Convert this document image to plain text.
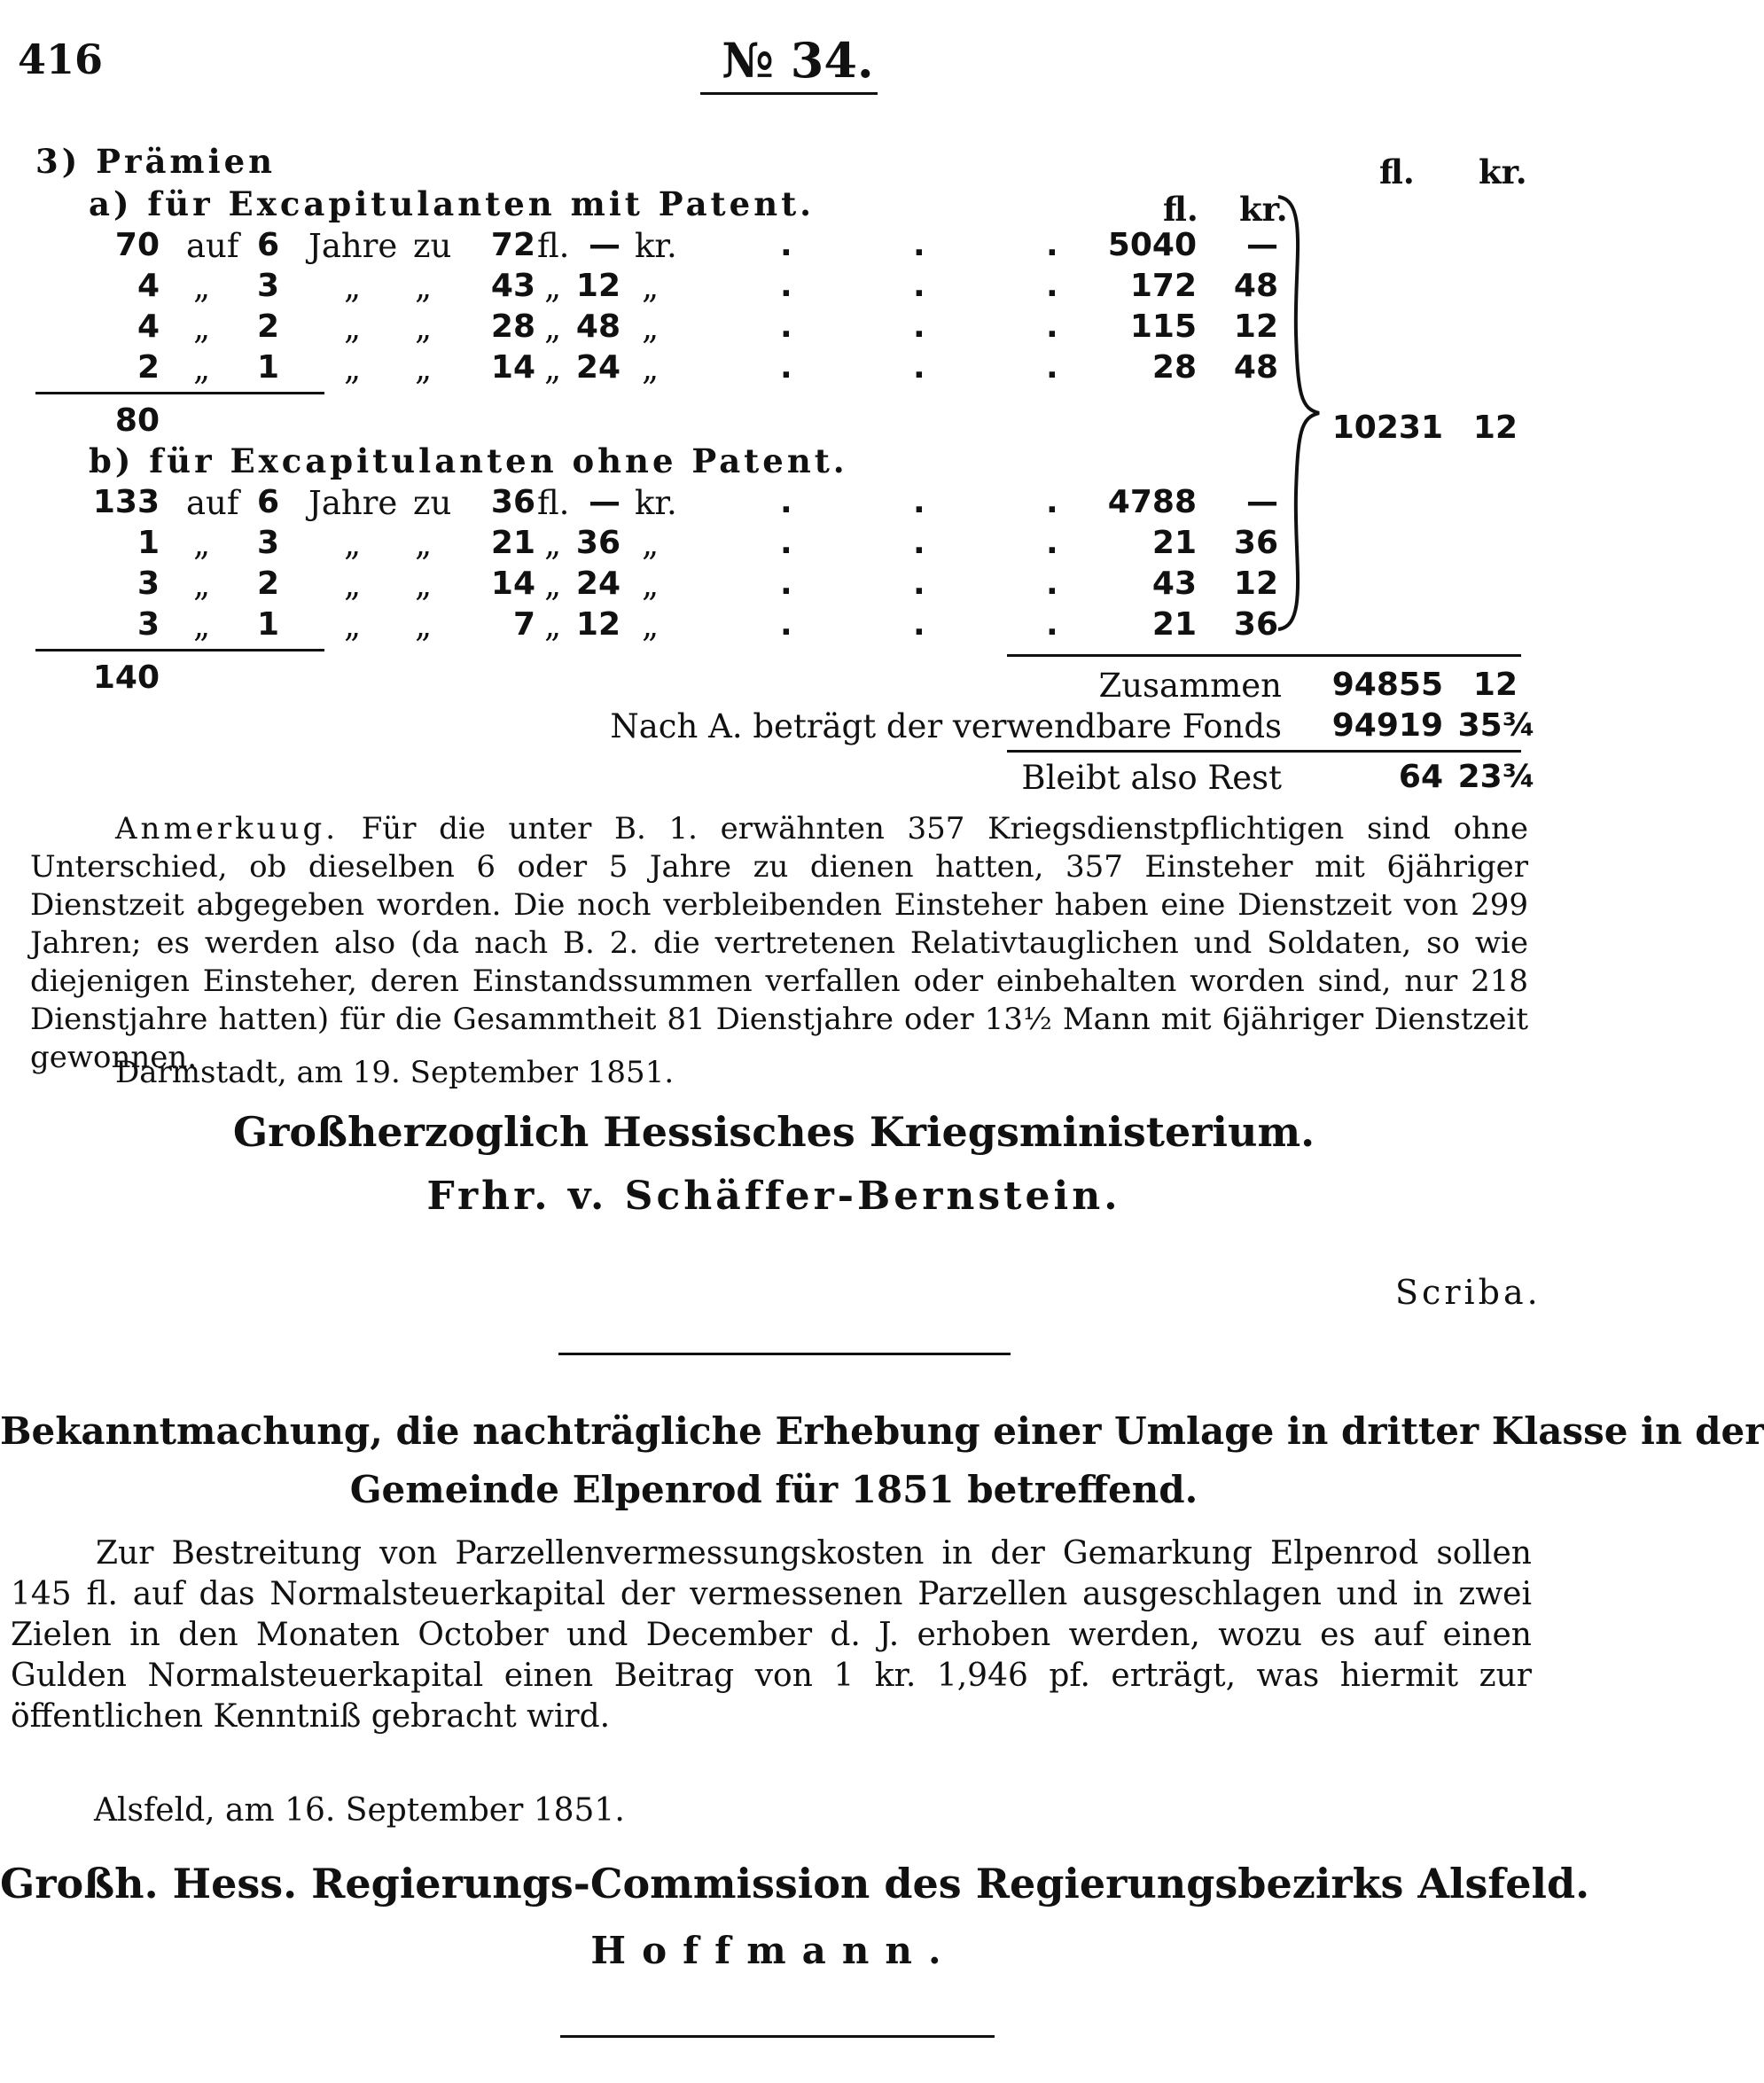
416	№ 34.
3) Prämien	fl. kr.
a) für Excapitulanten mit Patent.	fl. kr.
70 auf 6 Jahre zu	72 fl. — kr.	.	.	.	5040	—
4 „ 3 „ „	43 „ 12 „	.	.	.	172	48
4 „ 2 „ „	28 „ 48 „	.	.	.	115	12
2 „ 1 „ „	14 „ 24 „	.	.	.	28	48
80	10231 12
b) für Excapitulanten ohne Patent.
133 auf 6 Jahre zu	36 fl. — kr.	.	.	.	4788	—
1 „ 3 „ „	21 „ 36 „	.	.	.	21	36
3 „ 2 „ „	14 „ 24 „	.	.	.	43	12
3 „ 1 „ „	7 „ 12 „	.	.	.	21	36
140	Zusammen	94855 12
Nach A. beträgt der verwendbare Fonds	94919 35¾
Bleibt also Rest	64 23¾

Anmerkuug. Für die unter B. 1. erwähnten 357 Kriegsdienstpflichtigen sind ohne Unterschied, ob dieselben 6 oder 5 Jahre zu dienen hatten, 357 Einsteher mit 6jähriger Dienstzeit abgegeben worden. Die noch verbleibenden Einsteher haben eine Dienstzeit von 299 Jahren; es werden also (da nach B. 2. die vertretenen Relativtauglichen und Soldaten, so wie diejenigen Einsteher, deren Einstandssummen verfallen oder einbehalten worden sind, nur 218 Dienstjahre hatten) für die Gesammtheit 81 Dienstjahre oder 13½ Mann mit 6jähriger Dienstzeit gewonnen.

Darmstadt, am 19. September 1851.
Großherzoglich Hessisches Kriegsministerium.
Frhr. v. Schäffer-Bernstein.
Scriba.
Bekanntmachung, die nachträgliche Erhebung einer Umlage in dritter Klasse in der
Gemeinde Elpenrod für 1851 betreffend.

Zur Bestreitung von Parzellenvermessungskosten in der Gemarkung Elpenrod sollen 145 fl. auf das Normalsteuerkapital der vermessenen Parzellen ausgeschlagen und in zwei Zielen in den Monaten October und December d. J. erhoben werden, wozu es auf einen Gulden Normalsteuerkapital einen Beitrag von 1 kr. 1,946 pf. erträgt, was hiermit zur öffentlichen Kenntniß gebracht wird.

Alsfeld, am 16. September 1851.
Großh. Hess. Regierungs-Commission des Regierungsbezirks Alsfeld.
Hoffmann.
